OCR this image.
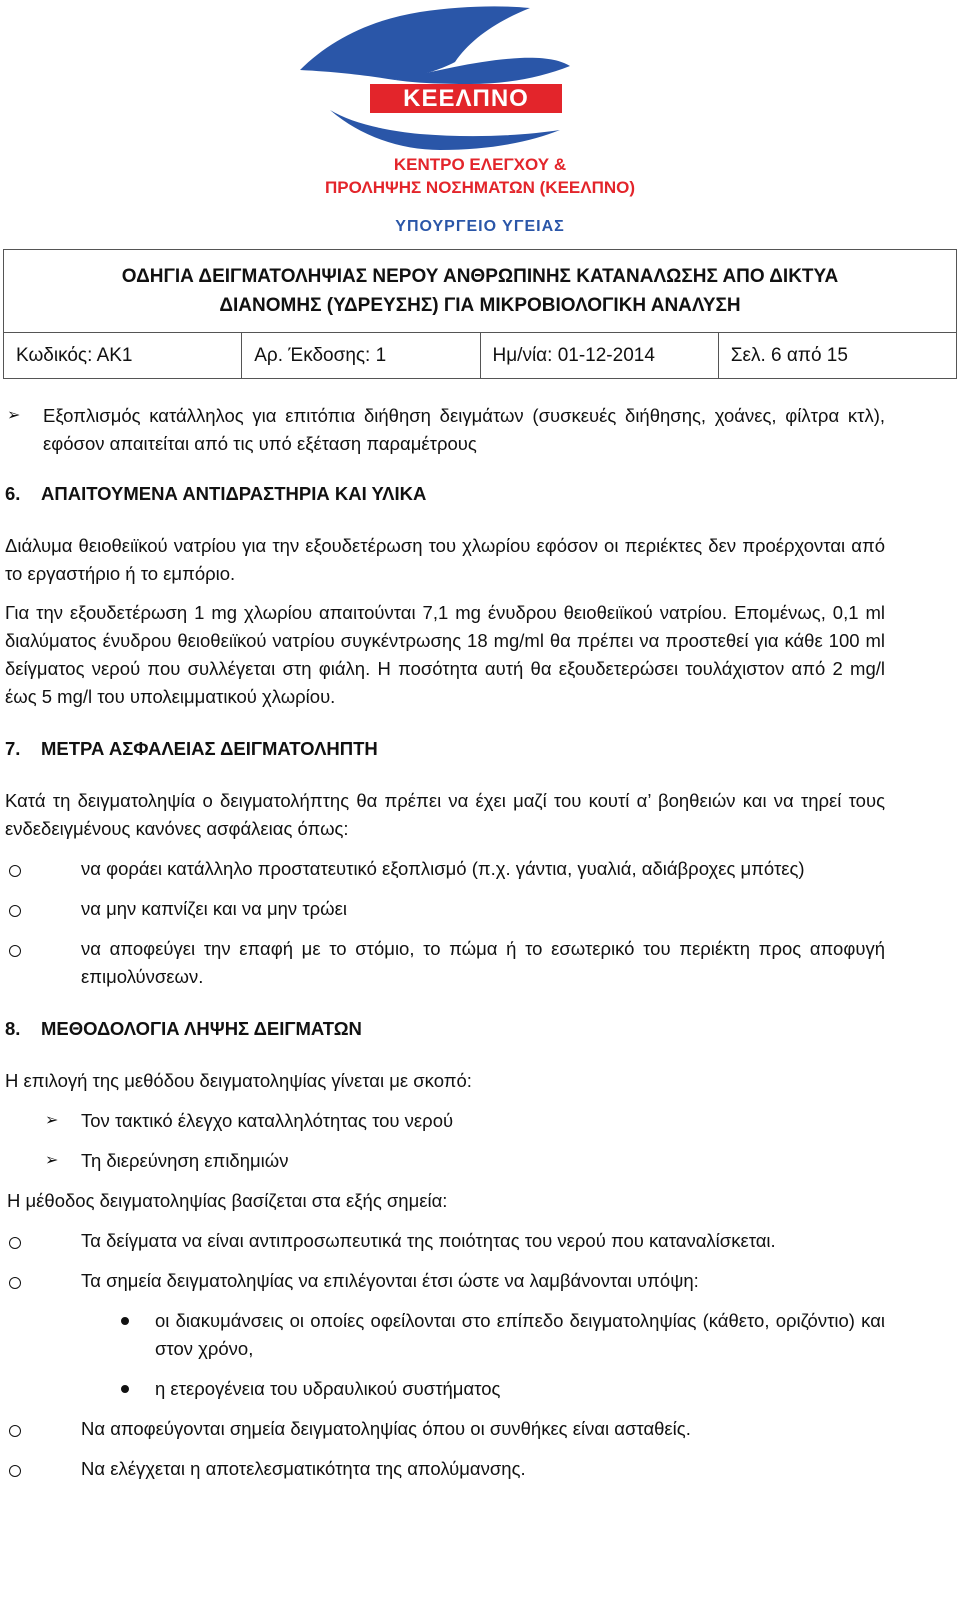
ΚΕΕΛΠΝΟ
ΚΕΝΤΡΟ ΕΛΕΓΧΟΥ &
ΠΡΟΛΗΨΗΣ ΝΟΣΗΜΑΤΩΝ (ΚΕΕΛΠΝΟ)
ΥΠΟΥΡΓΕΙΟ ΥΓΕΙΑΣ
ΟΔΗΓΙΑ ΔΕΙΓΜΑΤΟΛΗΨΙΑΣ ΝΕΡΟΥ ΑΝΘΡΩΠΙΝΗΣ ΚΑΤΑΝΑΛΩΣΗΣ ΑΠΟ ΔΙΚΤΥΑ
ΔΙΑΝΟΜΗΣ (ΥΔΡΕΥΣΗΣ) ΓΙΑ ΜΙΚΡΟΒΙΟΛΟΓΙΚΗ ΑΝΑΛΥΣΗ
Κωδικός: ΑΚ1	Αρ. Έκδοσης: 1	Ημ/νία: 01-12-2014	Σελ. 6 από 15
➢	Εξοπλισμός κατάλληλος για επιτόπια διήθηση δειγμάτων (συσκευές διήθησης, χοάνες, φίλτρα κτλ), εφόσον απαιτείται από τις υπό εξέταση παραμέτρους

6. ΑΠΑΙΤΟΥΜΕΝΑ ΑΝΤΙΔΡΑΣΤΗΡΙΑ ΚΑΙ ΥΛΙΚΑ

Διάλυμα θειοθειϊκού νατρίου για την εξουδετέρωση του χλωρίου εφόσον οι περιέκτες δεν προέρχονται από το εργαστήριο ή το εμπόριο.

Για την εξουδετέρωση 1 mg χλωρίου απαιτούνται 7,1 mg ένυδρου θειοθειϊκού νατρίου. Επομένως, 0,1 ml διαλύματος ένυδρου θειοθειϊκού νατρίου συγκέντρωσης 18 mg/ml θα πρέπει να προστεθεί για κάθε 100 ml δείγματος νερού που συλλέγεται στη φιάλη. Η ποσότητα αυτή θα εξουδετερώσει τουλάχιστον από 2 mg/l έως 5 mg/l του υπολειμματικού χλωρίου.

7. ΜΕΤΡΑ ΑΣΦΑΛΕΙΑΣ ΔΕΙΓΜΑΤΟΛΗΠΤΗ

Κατά τη δειγματοληψία ο δειγματολήπτης θα πρέπει να έχει μαζί του κουτί α’ βοηθειών και να τηρεί τους ενδεδειγμένους κανόνες ασφάλειας όπως:

να φοράει κατάλληλο προστατευτικό εξοπλισμό (π.χ. γάντια, γυαλιά, αδιάβροχες μπότες)
να μην καπνίζει και να μην τρώει
να αποφεύγει την επαφή με το στόμιο, το πώμα ή το εσωτερικό του περιέκτη προς αποφυγή επιμολύνσεων.

8. ΜΕΘΟΔΟΛΟΓΙΑ ΛΗΨΗΣ ΔΕΙΓΜΑΤΩΝ

Η επιλογή της μεθόδου δειγματοληψίας γίνεται με σκοπό:

➢	Τον τακτικό έλεγχο καταλληλότητας του νερού
➢	Τη διερεύνηση επιδημιών

Η μέθοδος δειγματοληψίας βασίζεται στα εξής σημεία:

Τα δείγματα να είναι αντιπροσωπευτικά της ποιότητας του νερού που καταναλίσκεται.
Τα σημεία δειγματοληψίας να επιλέγονται έτσι ώστε να λαμβάνονται υπόψη:
οι διακυμάνσεις οι οποίες οφείλονται στο επίπεδο δειγματοληψίας (κάθετο, οριζόντιο) και στον χρόνο,
η ετερογένεια του υδραυλικού συστήματος
Να αποφεύγονται σημεία δειγματοληψίας όπου οι συνθήκες είναι ασταθείς.
Να ελέγχεται η αποτελεσματικότητα της απολύμανσης.
